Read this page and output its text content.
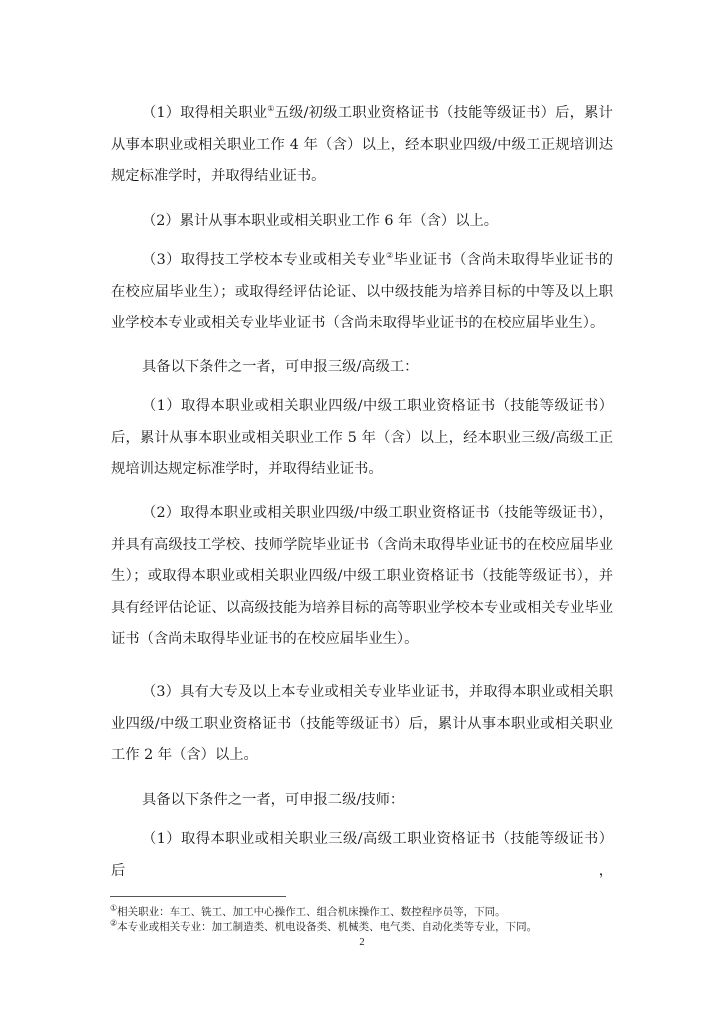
（1）取得相关职业①五级/初级工职业资格证书（技能等级证书）后，累计从事本职业或相关职业工作 4 年（含）以上，经本职业四级/中级工正规培训达规定标准学时，并取得结业证书。

（2）累计从事本职业或相关职业工作 6 年（含）以上。

（3）取得技工学校本专业或相关专业②毕业证书（含尚未取得毕业证书的在校应届毕业生）；或取得经评估论证、以中级技能为培养目标的中等及以上职业学校本专业或相关专业毕业证书（含尚未取得毕业证书的在校应届毕业生）。

具备以下条件之一者，可申报三级/高级工：

（1）取得本职业或相关职业四级/中级工职业资格证书（技能等级证书）后，累计从事本职业或相关职业工作 5 年（含）以上，经本职业三级/高级工正规培训达规定标准学时，并取得结业证书。

（2）取得本职业或相关职业四级/中级工职业资格证书（技能等级证书），并具有高级技工学校、技师学院毕业证书（含尚未取得毕业证书的在校应届毕业生）；或取得本职业或相关职业四级/中级工职业资格证书（技能等级证书），并具有经评估论证、以高级技能为培养目标的高等职业学校本专业或相关专业毕业证书（含尚未取得毕业证书的在校应届毕业生）。

（3）具有大专及以上本专业或相关专业毕业证书，并取得本职业或相关职业四级/中级工职业资格证书（技能等级证书）后，累计从事本职业或相关职业工作 2 年（含）以上。

具备以下条件之一者，可申报二级/技师：

（1）取得本职业或相关职业三级/高级工职业资格证书（技能等级证书）后，

①相关职业：车工、铣工、加工中心操作工、组合机床操作工、数控程序员等，下同。

②本专业或相关专业：加工制造类、机电设备类、机械类、电气类、自动化类等专业，下同。

2
